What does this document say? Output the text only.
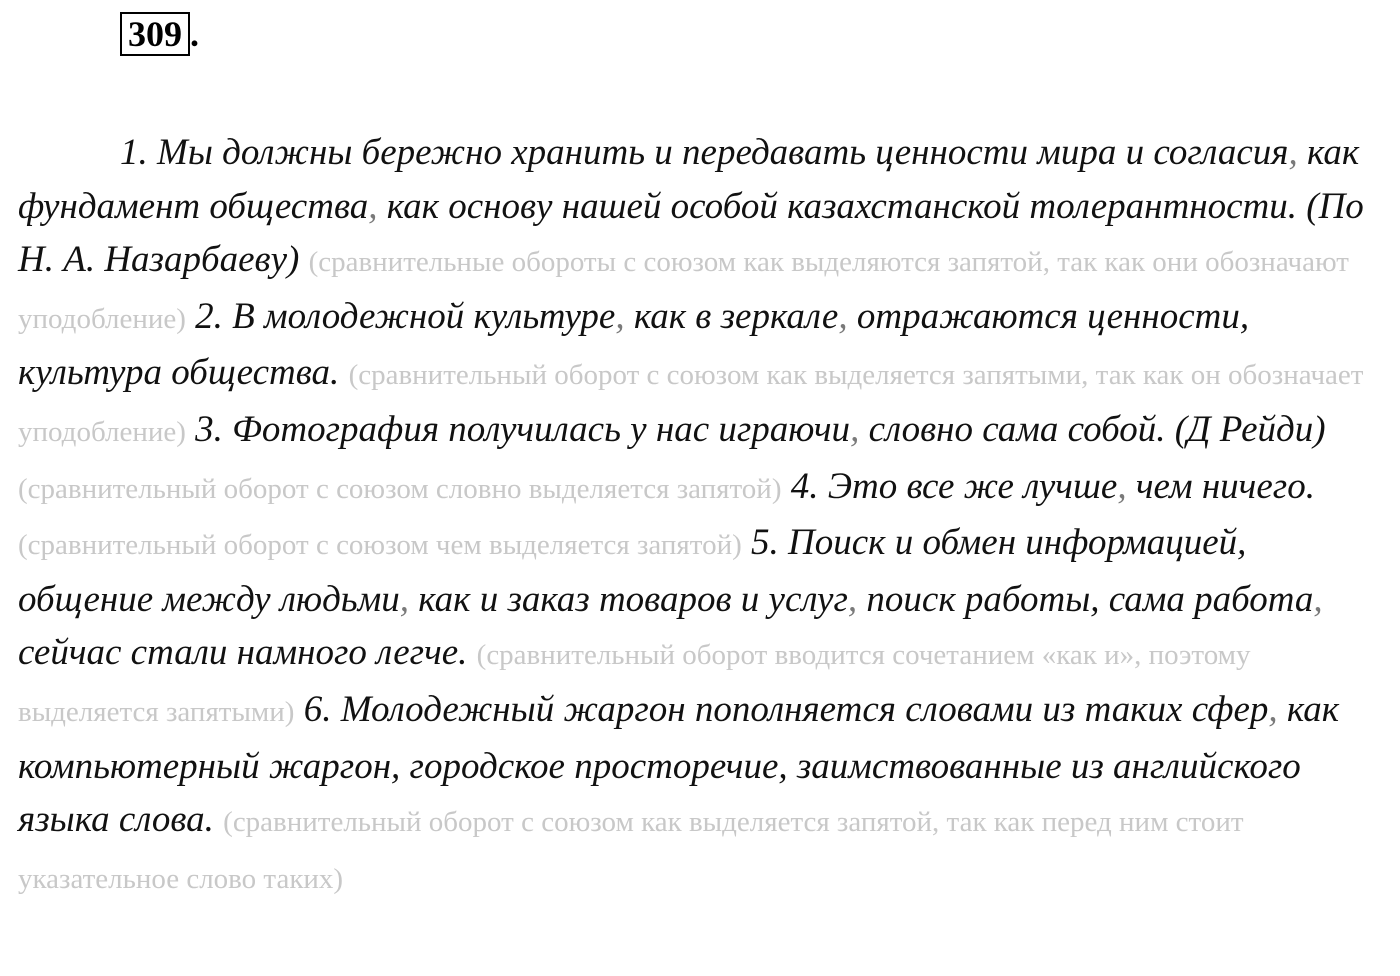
309 .

1. Мы должны бережно хранить и передавать ценности мира и согласия, как фундамент общества, как основу нашей особой казахстанской толерантности. (По Н. А. Назарбаеву) (сравнительные обороты с союзом как выделяются запятой, так как они обозначают уподобление) 2. В молодежной культуре, как в зеркале, отражаются ценности, культура общества. (сравнительный оборот с союзом как выделяется запятыми, так как он обозначает уподобление) 3. Фотография получилась у нас играючи, словно сама собой. (Д Рейди) (сравнительный оборот с союзом словно выделяется запятой) 4. Это все же лучше, чем ничего. (сравнительный оборот с союзом чем выделяется запятой) 5. Поиск и обмен информацией, общение между людьми, как и заказ товаров и услуг, поиск работы, сама работа, сейчас стали намного легче. (сравнительный оборот вводится сочетанием «как и», поэтому выделяется запятыми) 6. Молодежный жаргон пополняется словами из таких сфер, как компьютерный жаргон, городское просторечие, заимствованные из английского языка слова. (сравнительный оборот с союзом как выделяется запятой, так как перед ним стоит указательное слово таких)
